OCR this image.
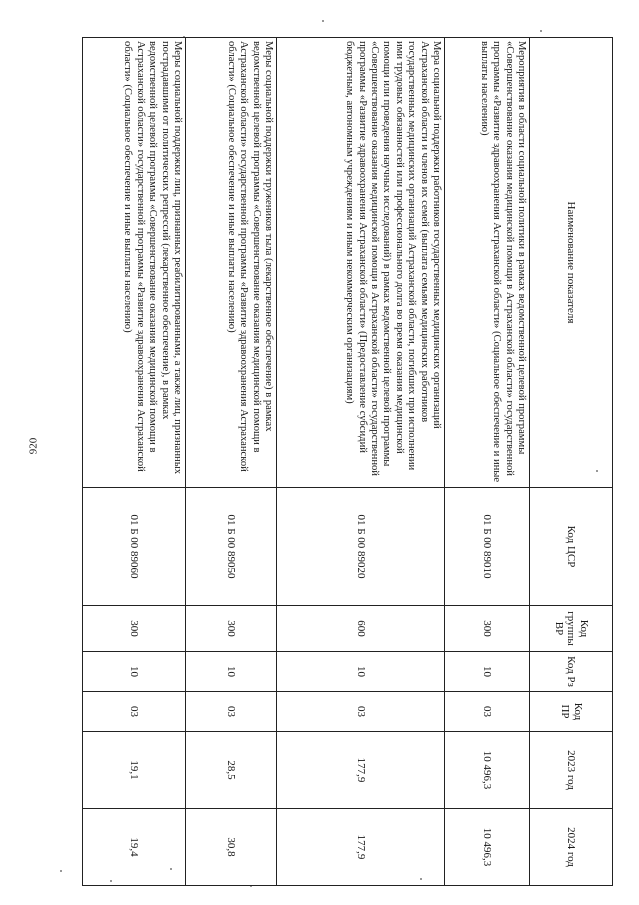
920
Наименование показателя	Код ЦСР	Код группы ВР	Код Рз	Код ПР	2023 год	2024 год
Мероприятия в области социальной политики в рамках ведомственной целевой программы «Совершенствование оказания медицинской помощи в Астраханской области» государственной программы «Развитие здравоохранения Астраханской области» (Социальное обеспечение и иные выплаты населению)	01 Б 00 89010	300	10	03	10 496,3	10 496,3
Мера социальной поддержки работников государственных медицинских организаций Астраханской области и членов их семей (выплата семьям медицинских работников государственных медицинских организаций Астраханской области, погибших при исполнении ими трудовых обязанностей или профессионального долга во время оказания медицинской помощи или проведения научных исследований) в рамках ведомственной целевой программы «Совершенствование оказания медицинской помощи в Астраханской области» государственной программы «Развитие здравоохранения Астраханской области» (Предоставление субсидий бюджетным, автономным учреждениям и иным некоммерческим организациям)	01 Б 00 89020	600	10	03	177,9	177,9
Меры социальной поддержки тружеников тыла (лекарственное обеспечение) в рамках ведомственной целевой программы «Совершенствование оказания медицинской помощи в Астраханской области» государственной программы «Развитие здравоохранения Астраханской области» (Социальное обеспечение и иные выплаты населению)	01 Б 00 89050	300	10	03	28,5	30,8
Меры социальной поддержки лиц, признанных реабилитированными, а также лиц, признанных пострадавшими от политических репрессий (лекарственное обеспечение), в рамках ведомственной целевой программы «Совершенствование оказания медицинской помощи в Астраханской области» государственной программы «Развитие здравоохранения Астраханской области» (Социальное обеспечение и иные выплаты населению)	01 Б 00 89060	300	10	03	19,1	19,4
